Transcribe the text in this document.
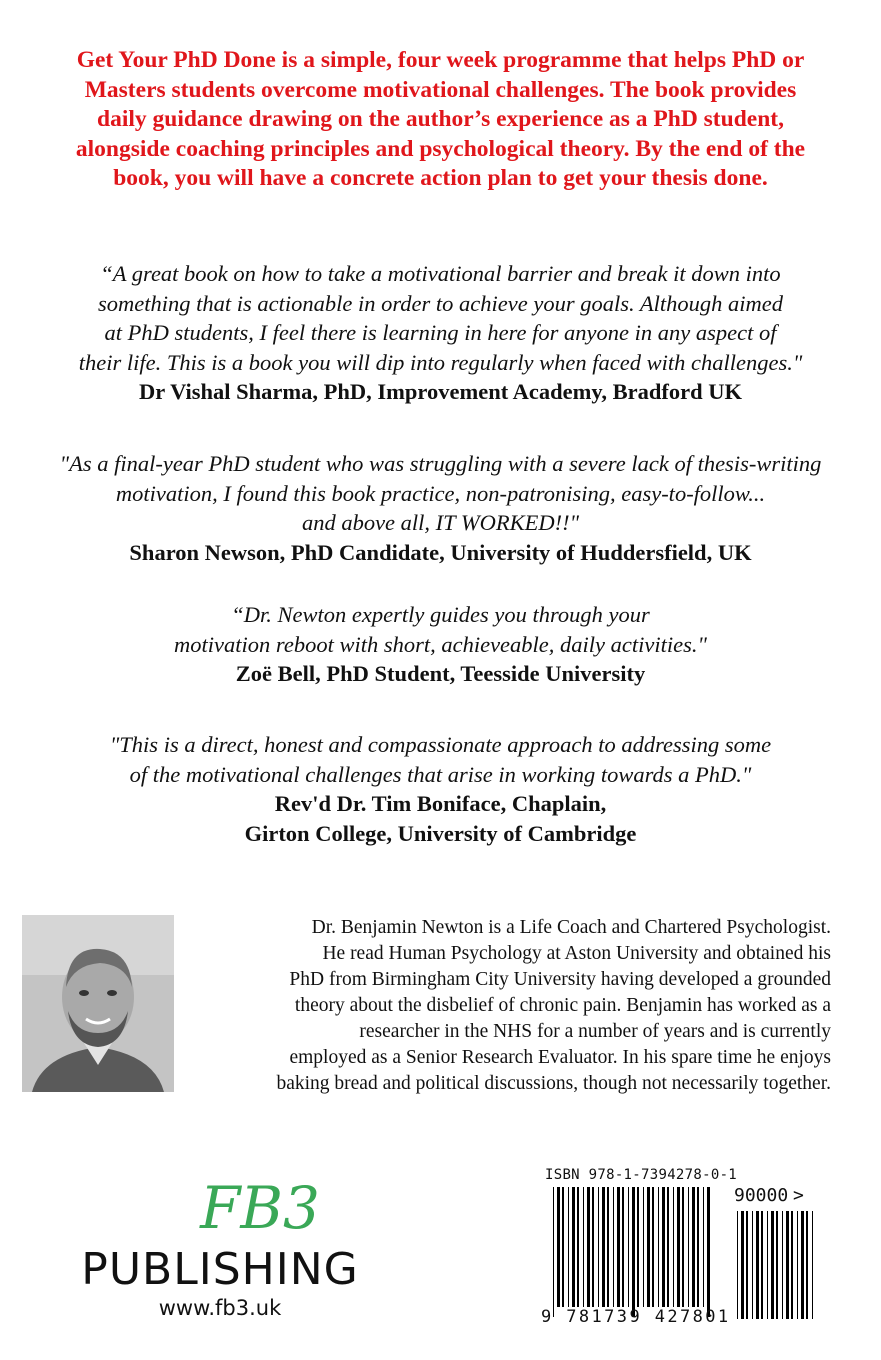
Get Your PhD Done is a simple, four week programme that helps PhD or
Masters students overcome motivational challenges. The book provides
daily guidance drawing on the author’s experience as a PhD student,
alongside coaching principles and psychological theory. By the end of the
book, you will have a concrete action plan to get your thesis done.
“A great book on how to take a motivational barrier and break it down into
something that is actionable in order to achieve your goals. Although aimed
at PhD students, I feel there is learning in here for anyone in any aspect of
their life. This is a book you will dip into regularly when faced with challenges."
Dr Vishal Sharma, PhD, Improvement Academy, Bradford UK
"As a final-year PhD student who was struggling with a severe lack of thesis-writing
motivation, I found this book practice, non-patronising, easy-to-follow...
and above all, IT WORKED!!"
Sharon Newson, PhD Candidate, University of Huddersfield, UK
“Dr. Newton expertly guides you through your
motivation reboot with short, achieveable, daily activities."
Zoë Bell, PhD Student, Teesside University
"This is a direct, honest and compassionate approach to addressing some
of the motivational challenges that arise in working towards a PhD."
Rev'd Dr. Tim Boniface, Chaplain,
Girton College, University of Cambridge
Dr. Benjamin Newton is a Life Coach and Chartered Psychologist.
He read Human Psychology at Aston University and obtained his
PhD from Birmingham City University having developed a grounded
theory about the disbelief of chronic pain. Benjamin has worked as a
researcher in the NHS for a number of years and is currently
employed as a Senior Research Evaluator. In his spare time he enjoys
baking bread and political discussions, though not necessarily together.
FB3
PUBLISHING
www.fb3.uk
ISBN 978-1-7394278-0-1
90000 >
9 781739 427801
